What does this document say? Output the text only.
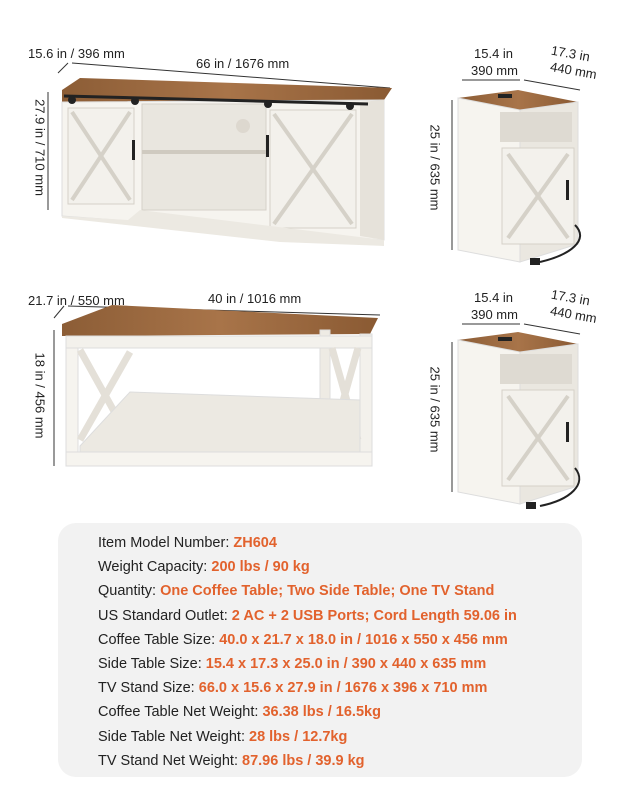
15.6 in / 396 mm
66 in / 1676 mm
27.9 in / 710 mm
15.4 in
390 mm
17.3 in
440 mm
25 in / 635 mm
21.7 in / 550 mm	40 in / 1016 mm
18 in / 456 mm
15.4 in
390 mm
17.3 in
440 mm
25 in / 635 mm
Item Model Number: ZH604
Weight Capacity: 200 lbs / 90 kg
Quantity: One Coffee Table; Two Side Table; One TV Stand
US Standard Outlet: 2 AC + 2 USB Ports; Cord Length 59.06 in
Coffee Table Size: 40.0 x 21.7 x 18.0 in / 1016 x 550 x 456 mm
Side Table Size: 15.4 x 17.3 x 25.0 in / 390 x 440 x 635 mm
TV Stand Size: 66.0 x 15.6 x 27.9 in / 1676 x 396 x 710 mm
Coffee Table Net Weight: 36.38 lbs / 16.5kg
Side Table Net Weight: 28 lbs / 12.7kg
TV Stand Net Weight: 87.96 lbs / 39.9 kg
